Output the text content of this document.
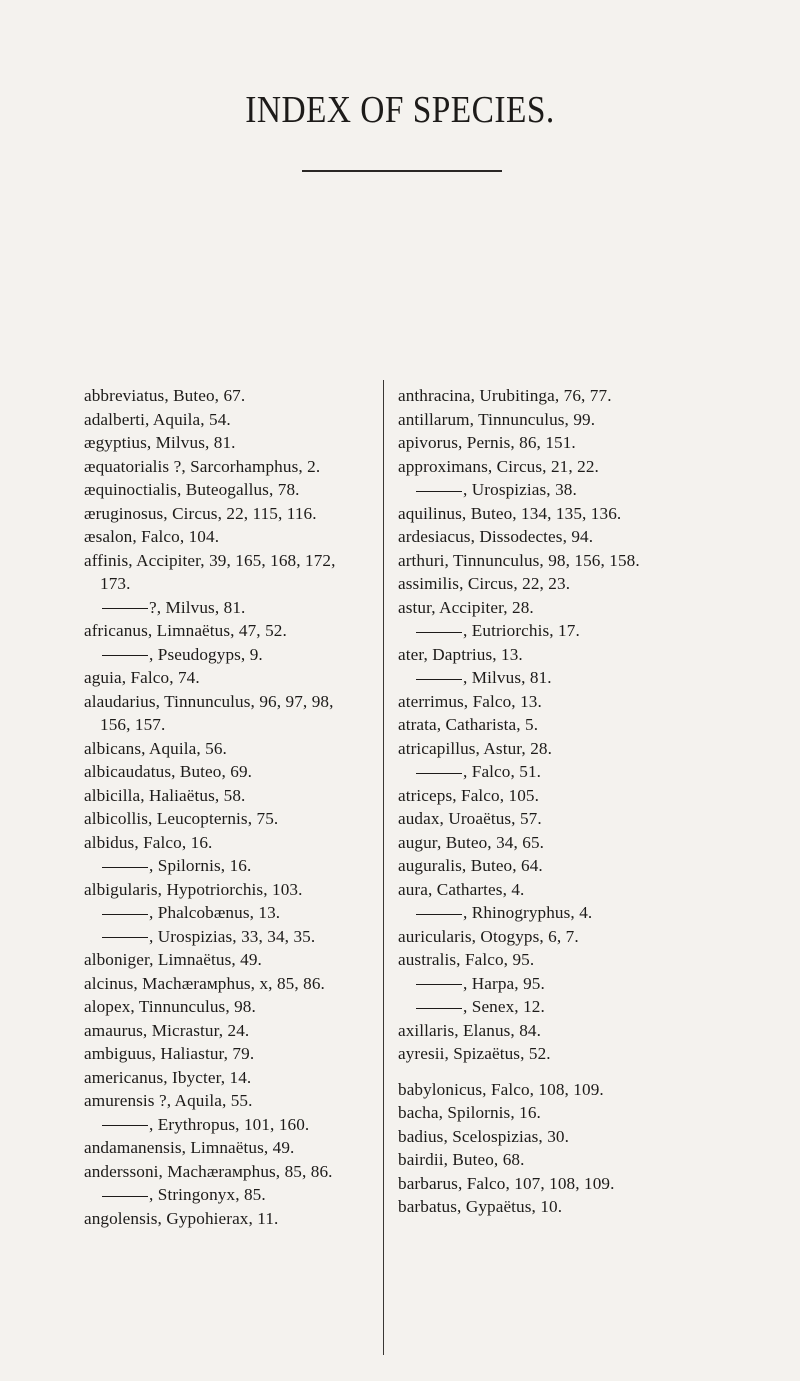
INDEX OF SPECIES.
abbreviatus, Buteo, 67.
adalberti, Aquila, 54.
ægyptius, Milvus, 81.
æquatorialis ?, Sarcorhamphus, 2.
æquinoctialis, Buteogallus, 78.
æruginosus, Circus, 22, 115, 116.
æsalon, Falco, 104.
affinis, Accipiter, 39, 165, 168, 172,
173.
?, Milvus, 81.
africanus, Limnaëtus, 47, 52.
, Pseudogyps, 9.
aguia, Falco, 74.
alaudarius, Tinnunculus, 96, 97, 98,
156, 157.
albicans, Aquila, 56.
albicaudatus, Buteo, 69.
albicilla, Haliaëtus, 58.
albicollis, Leucopternis, 75.
albidus, Falco, 16.
, Spilornis, 16.
albigularis, Hypotriorchis, 103.
, Phalcobænus, 13.
, Urospizias, 33, 34, 35.
alboniger, Limnaëtus, 49.
alcinus, Machærамphus, x, 85, 86.
alopex, Tinnunculus, 98.
amaurus, Micrastur, 24.
ambiguus, Haliastur, 79.
americanus, Ibycter, 14.
amurensis ?, Aquila, 55.
, Erythropus, 101, 160.
andamanensis, Limnaëtus, 49.
anderssoni, Machærамphus, 85, 86.
, Stringonyx, 85.
angolensis, Gypohierax, 11.
anthracina, Urubitinga, 76, 77.
antillarum, Tinnunculus, 99.
apivorus, Pernis, 86, 151.
approximans, Circus, 21, 22.
, Urospizias, 38.
aquilinus, Buteo, 134, 135, 136.
ardesiacus, Dissodectes, 94.
arthuri, Tinnunculus, 98, 156, 158.
assimilis, Circus, 22, 23.
astur, Accipiter, 28.
, Eutriorchis, 17.
ater, Daptrius, 13.
, Milvus, 81.
aterrimus, Falco, 13.
atrata, Catharista, 5.
atricapillus, Astur, 28.
, Falco, 51.
atriceps, Falco, 105.
audax, Uroaëtus, 57.
augur, Buteo, 34, 65.
auguralis, Buteo, 64.
aura, Cathartes, 4.
, Rhinogryphus, 4.
auricularis, Otogyps, 6, 7.
australis, Falco, 95.
, Harpa, 95.
, Senex, 12.
axillaris, Elanus, 84.
ayresii, Spizaëtus, 52.
babylonicus, Falco, 108, 109.
bacha, Spilornis, 16.
badius, Scelospizias, 30.
bairdii, Buteo, 68.
barbarus, Falco, 107, 108, 109.
barbatus, Gypaëtus, 10.
